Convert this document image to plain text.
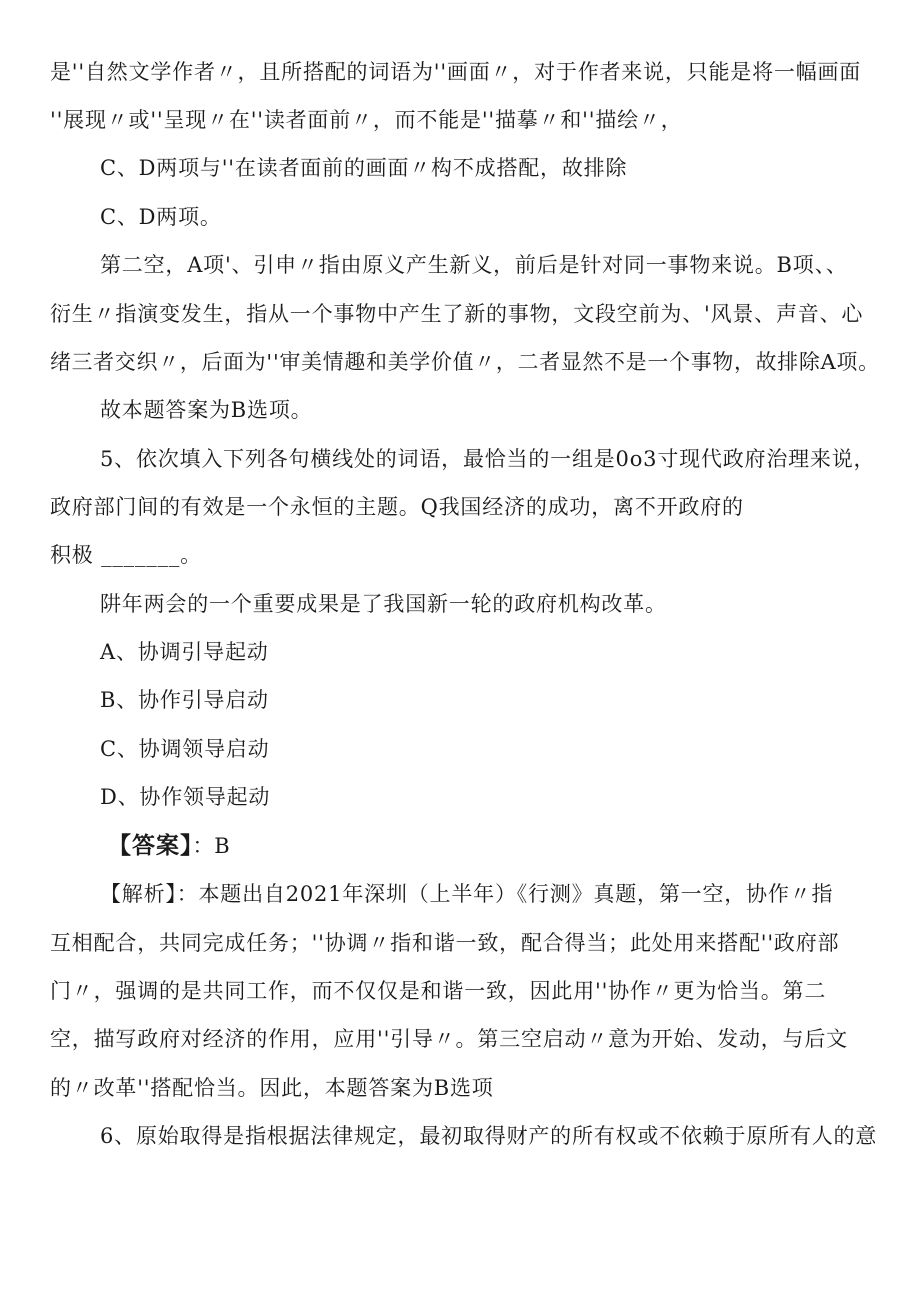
是''自然文学作者〃，且所搭配的词语为''画面〃，对于作者来说，只能是将一幅画面
''展现〃或''呈现〃在''读者面前〃，而不能是''描摹〃和''描绘〃，
C、D两项与''在读者面前的画面〃构不成搭配，故排除
C、D两项。
第二空，A项'、引申〃指由原义产生新义，前后是针对同一事物来说。B项、、
衍生〃指演变发生，指从一个事物中产生了新的事物，文段空前为、'风景、声音、心
绪三者交织〃，后面为''审美情趣和美学价值〃，二者显然不是一个事物，故排除A项。
故本题答案为B选项。
5、依次填入下列各句横线处的词语，最恰当的一组是0o3寸现代政府治理来说，
政府部门间的有效是一个永恒的主题。Q我国经济的成功，离不开政府的
积极 _______。
阱年两会的一个重要成果是了我国新一轮的政府机构改革。
A、协调引导起动
B、协作引导启动
C、协调领导启动
D、协作领导起动
【答案】：B
【解析】：本题出自2021年深圳（上半年）《行测》真题，第一空，协作〃指
互相配合，共同完成任务；''协调〃指和谐一致，配合得当；此处用来搭配''政府部
门〃，强调的是共同工作，而不仅仅是和谐一致，因此用''协作〃更为恰当。第二
空，描写政府对经济的作用，应用''引导〃。第三空启动〃意为开始、发动，与后文
的〃改革''搭配恰当。因此，本题答案为B选项
6、原始取得是指根据法律规定，最初取得财产的所有权或不依赖于原所有人的意
